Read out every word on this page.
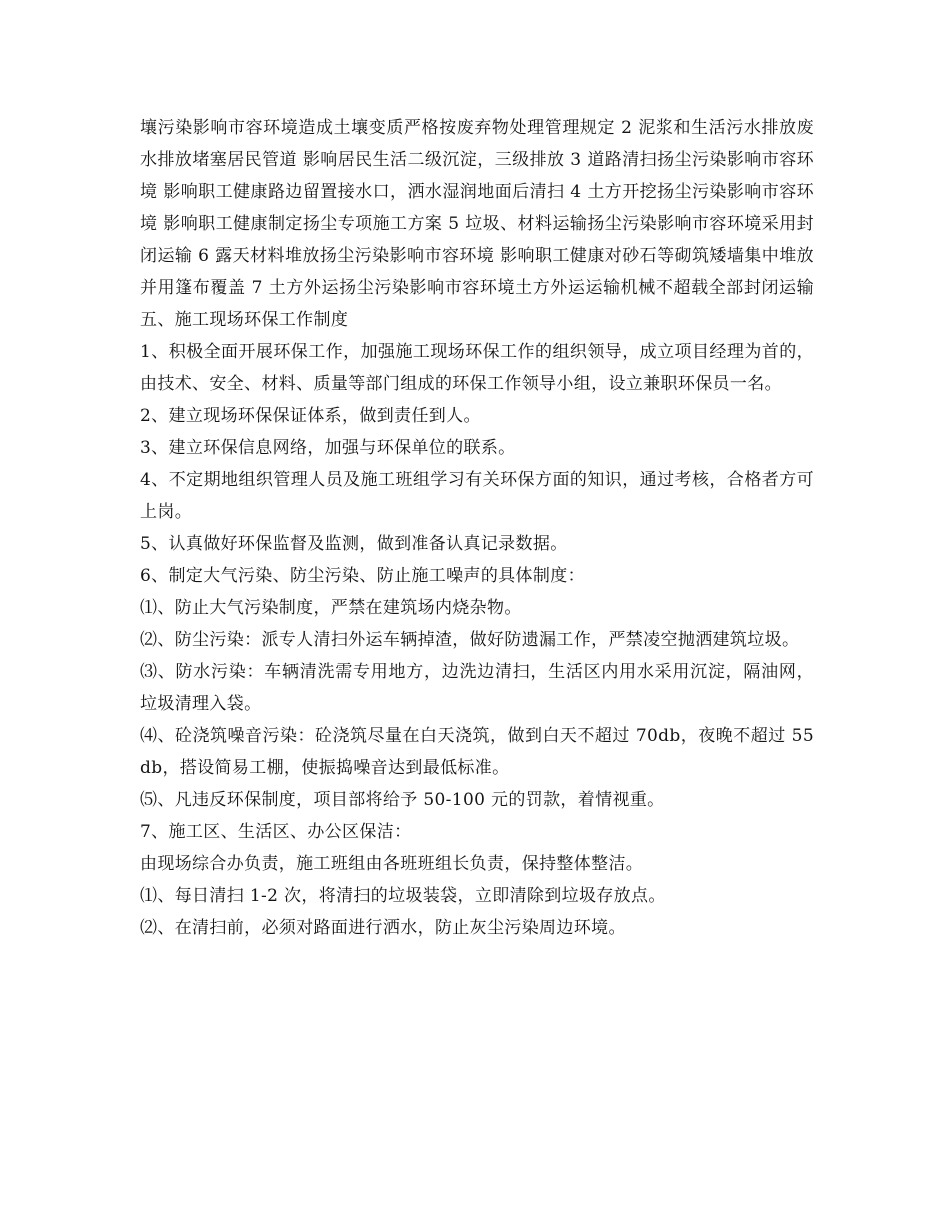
壤污染影响市容环境造成土壤变质严格按废弃物处理管理规定 2 泥浆和生活污水排放废水排放堵塞居民管道 影响居民生活二级沉淀，三级排放 3 道路清扫扬尘污染影响市容环境 影响职工健康路边留置接水口，洒水湿润地面后清扫 4 土方开挖扬尘污染影响市容环境 影响职工健康制定扬尘专项施工方案 5 垃圾、材料运输扬尘污染影响市容环境采用封闭运输 6 露天材料堆放扬尘污染影响市容环境 影响职工健康对砂石等砌筑矮墙集中堆放并用篷布覆盖 7 土方外运扬尘污染影响市容环境土方外运运输机械不超载全部封闭运输五、施工现场环保工作制度

1、积极全面开展环保工作，加强施工现场环保工作的组织领导，成立项目经理为首的，由技术、安全、材料、质量等部门组成的环保工作领导小组，设立兼职环保员一名。

2、建立现场环保保证体系，做到责任到人。

3、建立环保信息网络，加强与环保单位的联系。

4、不定期地组织管理人员及施工班组学习有关环保方面的知识，通过考核，合格者方可上岗。

5、认真做好环保监督及监测，做到准备认真记录数据。

6、制定大气污染、防尘污染、防止施工噪声的具体制度：

⑴、防止大气污染制度，严禁在建筑场内烧杂物。

⑵、防尘污染：派专人清扫外运车辆掉渣，做好防遗漏工作，严禁凌空抛洒建筑垃圾。

⑶、防水污染：车辆清洗需专用地方，边洗边清扫，生活区内用水采用沉淀，隔油网，垃圾清理入袋。

⑷、砼浇筑噪音污染：砼浇筑尽量在白天浇筑，做到白天不超过 70db，夜晚不超过 55db，搭设简易工棚，使振捣噪音达到最低标准。

⑸、凡违反环保制度，项目部将给予 50-100 元的罚款，着情视重。

7、施工区、生活区、办公区保洁：

由现场综合办负责，施工班组由各班班组长负责，保持整体整洁。

⑴、每日清扫 1-2 次，将清扫的垃圾装袋，立即清除到垃圾存放点。

⑵、在清扫前，必须对路面进行洒水，防止灰尘污染周边环境。
